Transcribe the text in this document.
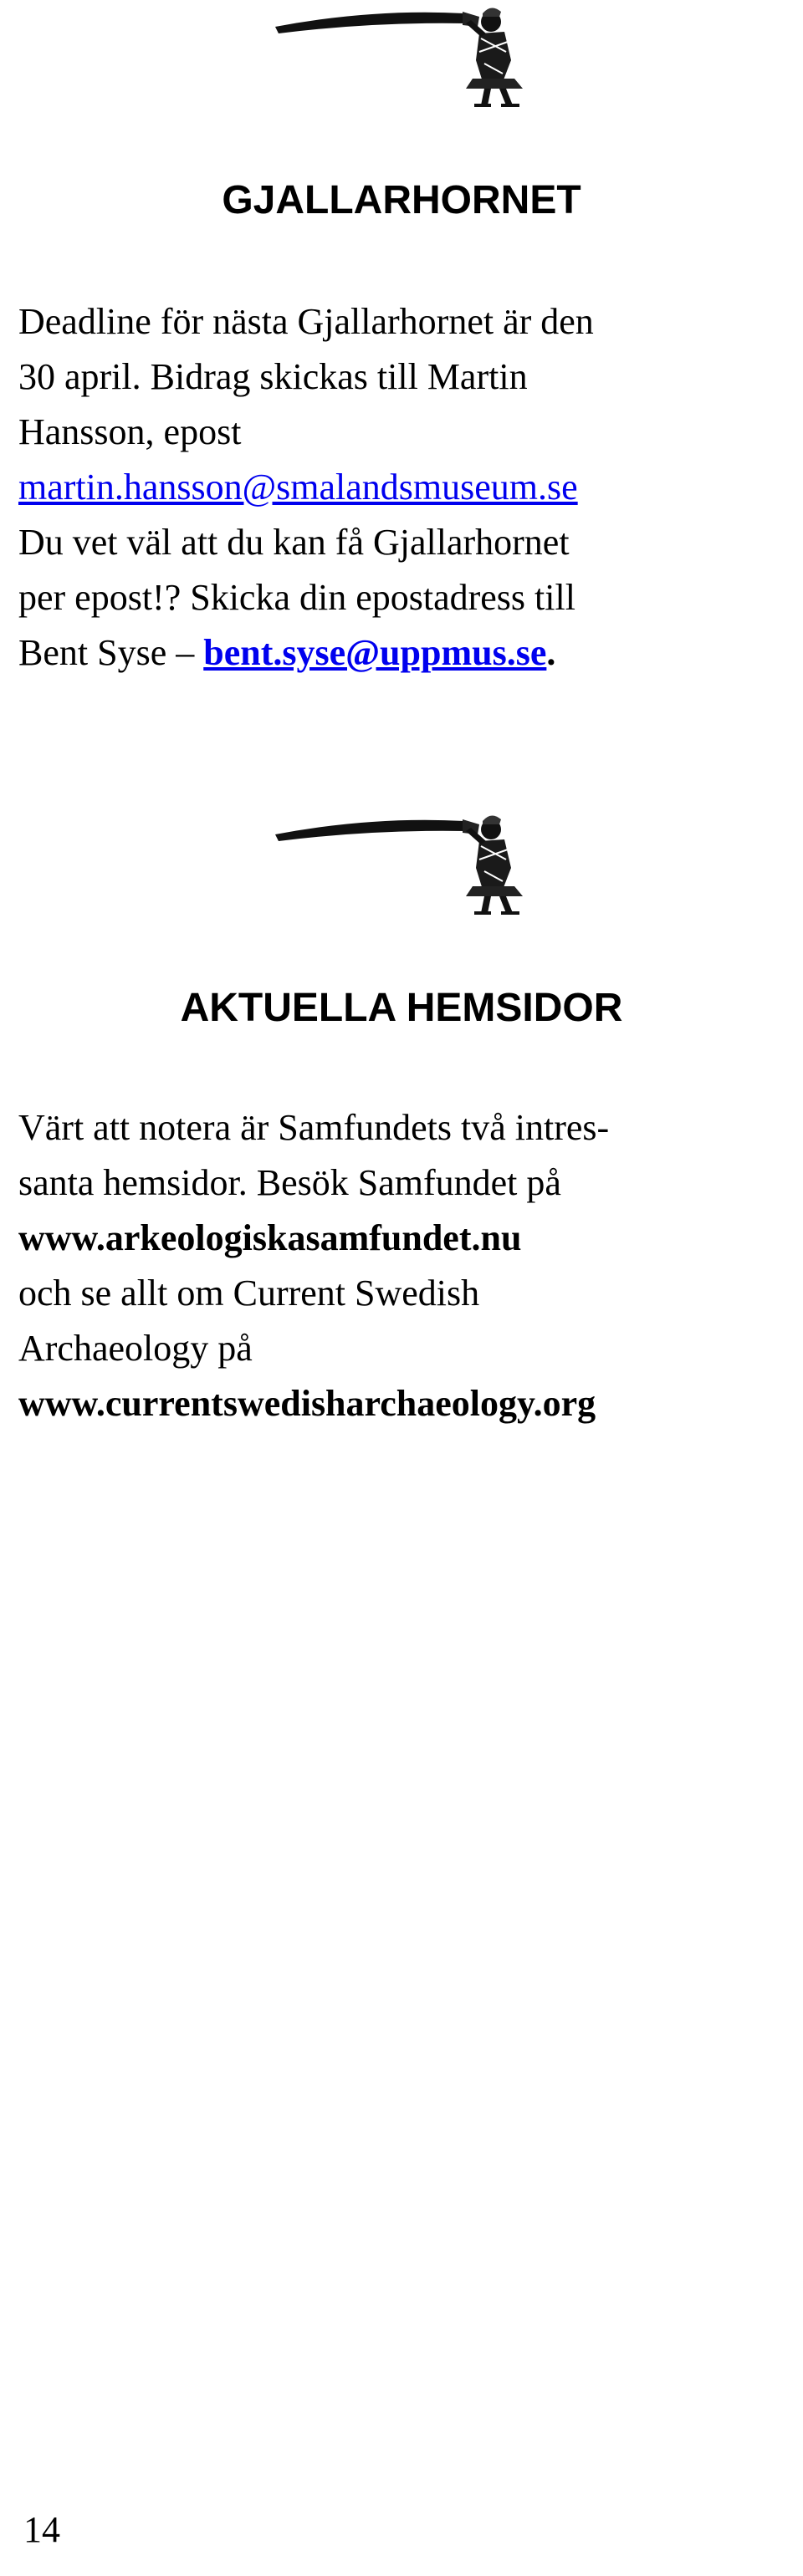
GJALLARHORNET

Deadline för nästa Gjallarhornet är den
30 april. Bidrag skickas till Martin
Hansson, epost
martin.hansson@smalandsmuseum.se
Du vet väl att du kan få Gjallarhornet
per epost!? Skicka din epostadress till
Bent Syse – bent.syse@uppmus.se.

AKTUELLA HEMSIDOR

Värt att notera är Samfundets två intres-
santa hemsidor. Besök Samfundet på
www.arkeologiskasamfundet.nu
och se allt om Current Swedish
Archaeology på
www.currentswedisharchaeology.org

14
